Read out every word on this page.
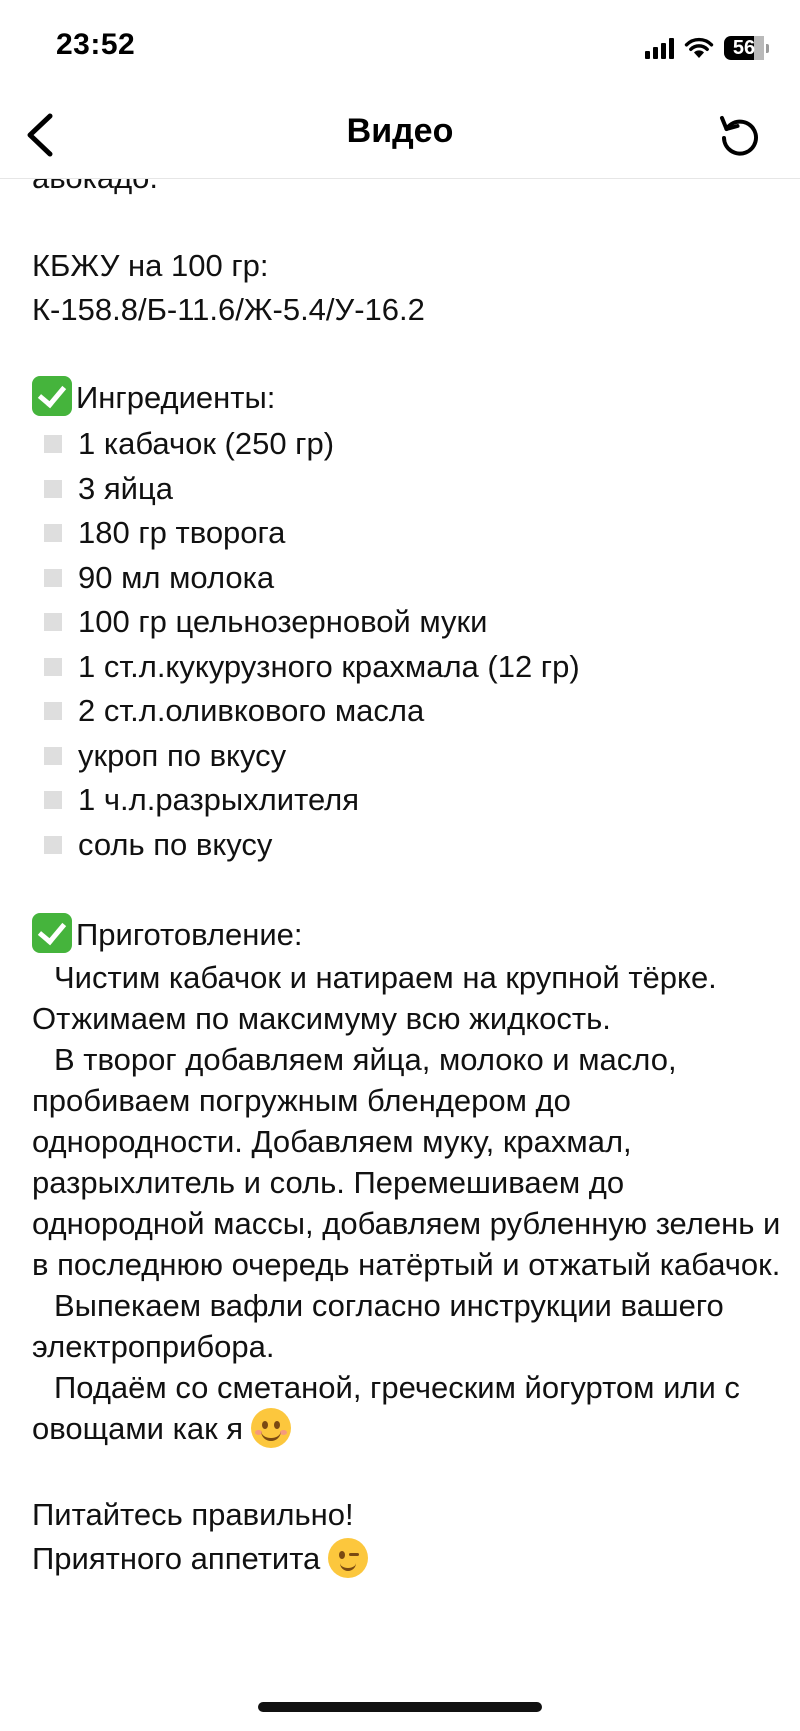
23:52	56
Видео

КБЖУ на 100 гр:

К-158.8/Б-11.6/Ж-5.4/У-16.2

Ингредиенты:

1 кабачок (250 гр)
3 яйца
180 гр творога
90 мл молока
100 гр цельнозерновой муки
1 ст.л.кукурузного крахмала (12 гр)
2 ст.л.оливкового масла
укроп по вкусу
1 ч.л.разрыхлителя
соль по вкусу

Приготовление:

Чистим кабачок и натираем на крупной тёрке. Отжимаем по максимуму всю жидкость.

В творог добавляем яйца, молоко и масло, пробиваем погружным блендером до однородности. Добавляем муку, крахмал, разрыхлитель и соль. Перемешиваем до однородной массы, добавляем рубленную зелень и в последнюю очередь натёртый и отжатый кабачок.

Выпекаем вафли согласно инструкции вашего электроприбора.

Подаём со сметаной, греческим йогуртом или с овощами как я

Питайтесь правильно!

Приятного аппетита
